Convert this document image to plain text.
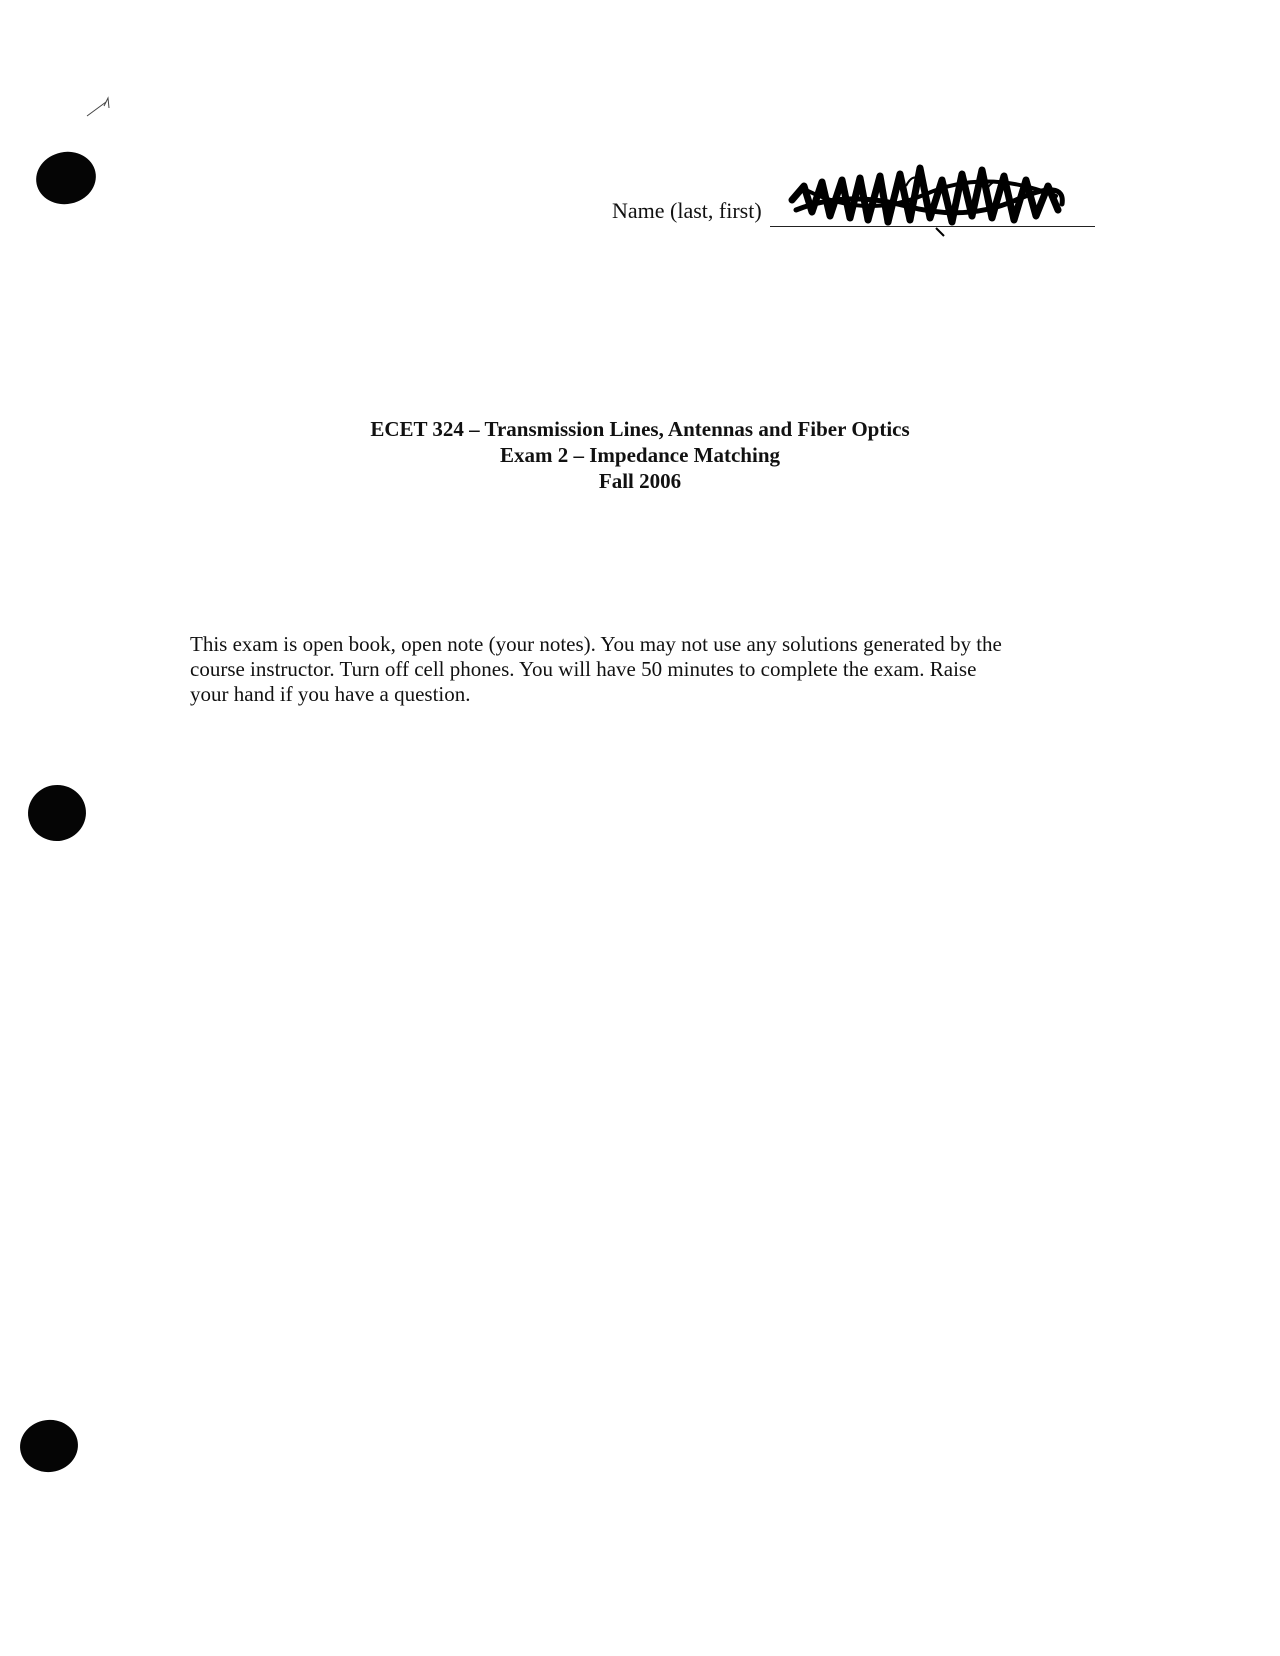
Name (last, first)
ECET 324 – Transmission Lines, Antennas and Fiber Optics
Exam 2 – Impedance Matching
Fall 2006
This exam is open book, open note (your notes). You may not use any solutions generated by the
course instructor. Turn off cell phones. You will have 50 minutes to complete the exam. Raise
your hand if you have a question.
